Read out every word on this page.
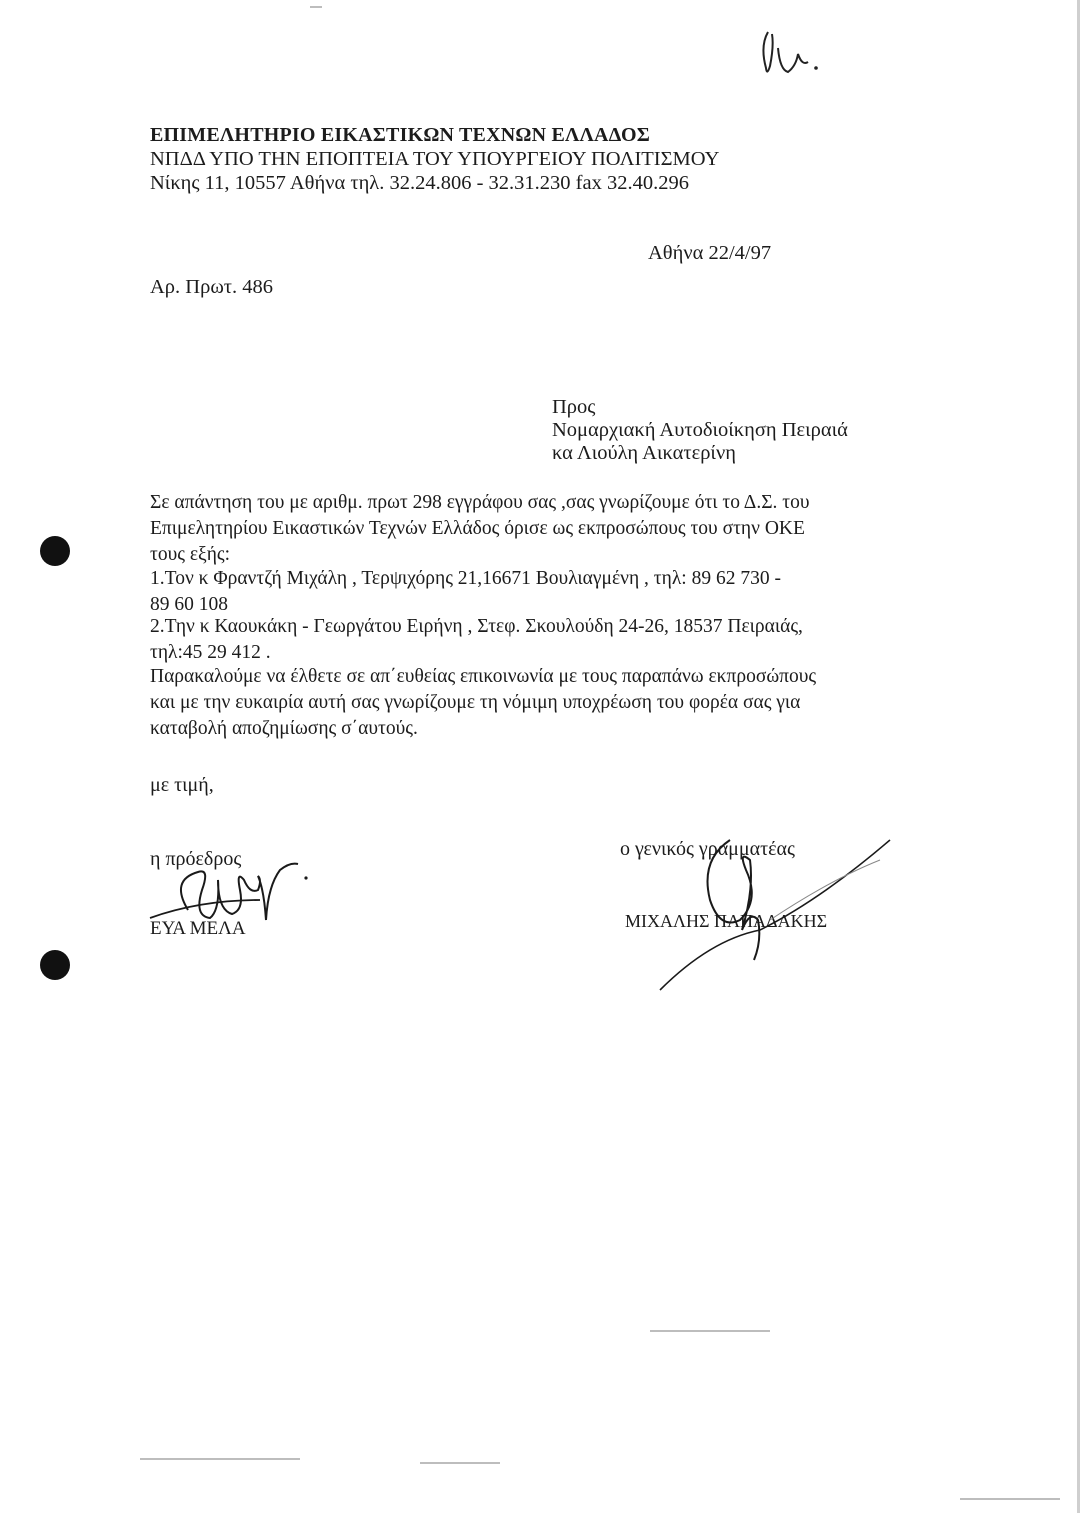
ΕΠΙΜΕΛΗΤΗΡΙΟ ΕΙΚΑΣΤΙΚΩΝ ΤΕΧΝΩΝ ΕΛΛΑΔΟΣ
ΝΠΔΔ ΥΠΟ ΤΗΝ ΕΠΟΠΤΕΙΑ ΤΟΥ ΥΠΟΥΡΓΕΙΟΥ ΠΟΛΙΤΙΣΜΟΥ
Νίκης 11, 10557 Αθήνα τηλ. 32.24.806 - 32.31.230 fax 32.40.296
Αθήνα 22/4/97
Αρ. Πρωτ. 486
Προς
Νομαρχιακή Αυτοδιοίκηση Πειραιά
κα Λιούλη Αικατερίνη
Σε απάντηση του με αριθμ. πρωτ 298 εγγράφου σας ,σας γνωρίζουμε ότι το Δ.Σ. του
Επιμελητηρίου Εικαστικών Τεχνών Ελλάδος όρισε ως εκπροσώπους του στην ΟΚΕ
τους εξής:
1.Τον κ Φραντζή Μιχάλη , Τερψιχόρης 21,16671 Βουλιαγμένη , τηλ: 89 62 730 -
89 60 108
2.Την κ Καουκάκη - Γεωργάτου Ειρήνη , Στεφ. Σκουλούδη 24-26, 18537 Πειραιάς,
τηλ:45 29 412 .
Παρακαλούμε να έλθετε σε απ΄ευθείας επικοινωνία με τους παραπάνω εκπροσώπους
και με την ευκαιρία αυτή σας γνωρίζουμε τη νόμιμη υποχρέωση του φορέα σας για
καταβολή αποζημίωσης σ΄αυτούς.
με τιμή,
η πρόεδρος
ΕΥΑ ΜΕΛΑ
ο γενικός γραμματέας
ΜΙΧΑΛΗΣ ΠΑΠΑΔΑΚΗΣ
